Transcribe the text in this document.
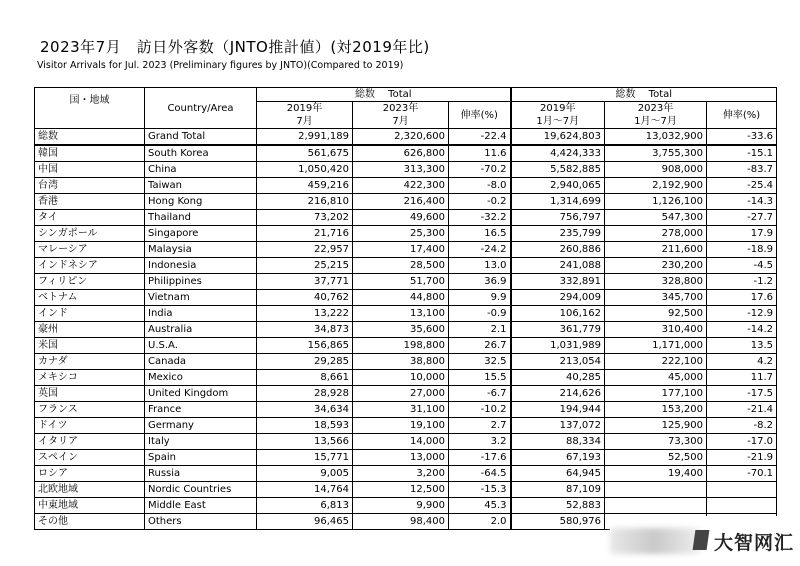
2023年7月　訪日外客数（JNTO推計値）(対2019年比)
Visitor Arrivals for Jul. 2023 (Preliminary figures by JNTO)(Compared to 2019)
国・地域	Country/Area	総数　 Total			総数　 Total		
		2019年	2023年	伸率(%)	2019年	2023年	伸率(%)
		7月	7月		1月～7月	1月～7月	
総数	Grand Total	2,991,189	2,320,600	-22.4	19,624,803	13,032,900	-33.6
韓国	South Korea	561,675	626,800	11.6	4,424,333	3,755,300	-15.1
中国	China	1,050,420	313,300	-70.2	5,582,885	908,000	-83.7
台湾	Taiwan	459,216	422,300	-8.0	2,940,065	2,192,900	-25.4
香港	Hong Kong	216,810	216,400	-0.2	1,314,699	1,126,100	-14.3
タイ	Thailand	73,202	49,600	-32.2	756,797	547,300	-27.7
シンガポール	Singapore	21,716	25,300	16.5	235,799	278,000	17.9
マレーシア	Malaysia	22,957	17,400	-24.2	260,886	211,600	-18.9
インドネシア	Indonesia	25,215	28,500	13.0	241,088	230,200	-4.5
フィリピン	Philippines	37,771	51,700	36.9	332,891	328,800	-1.2
ベトナム	Vietnam	40,762	44,800	9.9	294,009	345,700	17.6
インド	India	13,222	13,100	-0.9	106,162	92,500	-12.9
豪州	Australia	34,873	35,600	2.1	361,779	310,400	-14.2
米国	U.S.A.	156,865	198,800	26.7	1,031,989	1,171,000	13.5
カナダ	Canada	29,285	38,800	32.5	213,054	222,100	4.2
メキシコ	Mexico	8,661	10,000	15.5	40,285	45,000	11.7
英国	United Kingdom	28,928	27,000	-6.7	214,626	177,100	-17.5
フランス	France	34,634	31,100	-10.2	194,944	153,200	-21.4
ドイツ	Germany	18,593	19,100	2.7	137,072	125,900	-8.2
イタリア	Italy	13,566	14,000	3.2	88,334	73,300	-17.0
スペイン	Spain	15,771	13,000	-17.6	67,193	52,500	-21.9
ロシア	Russia	9,005	3,200	-64.5	64,945	19,400	-70.1
北欧地域	Nordic Countries	14,764	12,500	-15.3	87,109		
中東地域	Middle East	6,813	9,900	45.3	52,883		
その他	Others	96,465	98,400	2.0	580,976		
大智网汇
